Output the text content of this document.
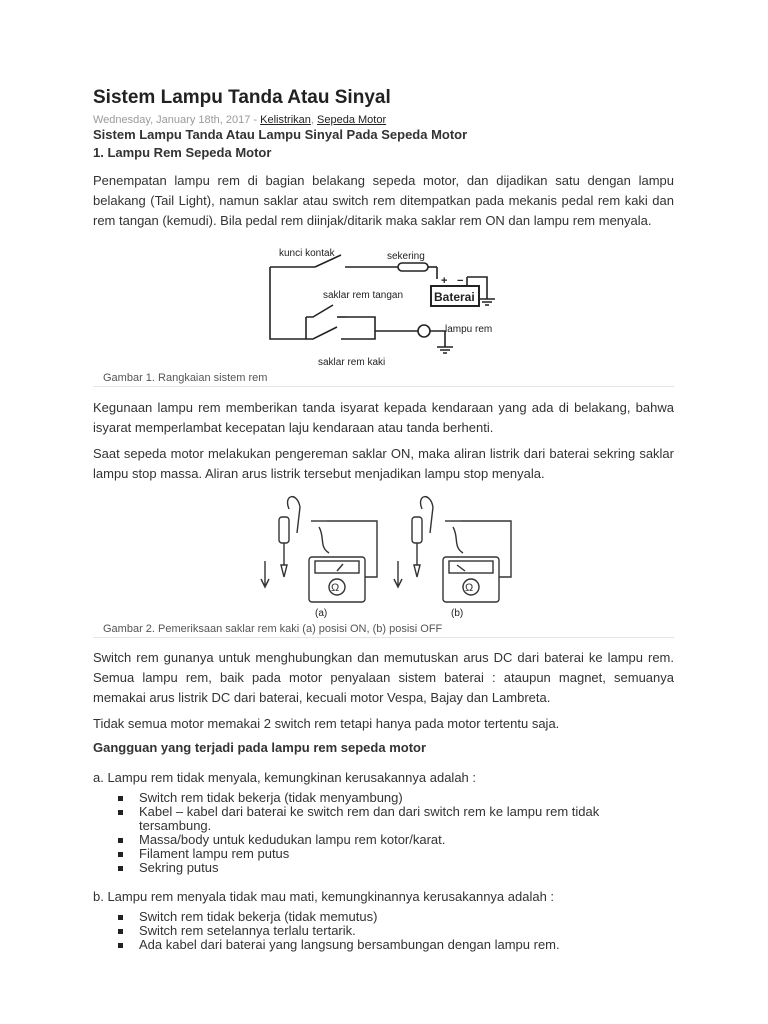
Sistem Lampu Tanda Atau Sinyal
Wednesday, January 18th, 2017 - Kelistrikan, Sepeda Motor
Sistem Lampu Tanda Atau Lampu Sinyal Pada Sepeda Motor
1. Lampu Rem Sepeda Motor

Penempatan lampu rem di bagian belakang sepeda motor, dan dijadikan satu dengan lampu belakang (Tail Light), namun saklar atau switch rem ditempatkan pada mekanis pedal rem kaki dan rem tangan (kemudi). Bila pedal rem diinjak/ditarik maka saklar rem ON dan lampu rem menyala.

kunci kontak	sekering
+ −
Baterai
saklar rem tangan
lampu rem
saklar rem kaki
Gambar 1. Rangkaian sistem rem

Kegunaan lampu rem memberikan tanda isyarat kepada kendaraan yang ada di belakang, bahwa isyarat memperlambat kecepatan laju kendaraan atau tanda berhenti.

Saat sepeda motor melakukan pengereman saklar ON, maka aliran listrik dari baterai sekring saklar lampu stop massa. Aliran arus listrik tersebut menjadikan lampu stop menyala.

Ω	Ω
(a)	(b)
Gambar 2. Pemeriksaan saklar rem kaki (a) posisi ON, (b) posisi OFF

Switch rem gunanya untuk menghubungkan dan memutuskan arus DC dari baterai ke lampu rem. Semua lampu rem, baik pada motor penyalaan sistem baterai : ataupun magnet, semuanya memakai arus listrik DC dari baterai, kecuali motor Vespa, Bajay dan Lambreta.

Tidak semua motor memakai 2 switch rem tetapi hanya pada motor tertentu saja.

Gangguan yang terjadi pada lampu rem sepeda motor
a. Lampu rem tidak menyala, kemungkinan kerusakannya adalah :
Switch rem tidak bekerja (tidak menyambung)
Kabel – kabel dari baterai ke switch rem dan dari switch rem ke lampu rem tidak tersambung.
Massa/body untuk kedudukan lampu rem kotor/karat.
Filament lampu rem putus
Sekring putus
b. Lampu rem menyala tidak mau mati, kemungkinannya kerusakannya adalah :
Switch rem tidak bekerja (tidak memutus)
Switch rem setelannya terlalu tertarik.
Ada kabel dari baterai yang langsung bersambungan dengan lampu rem.
